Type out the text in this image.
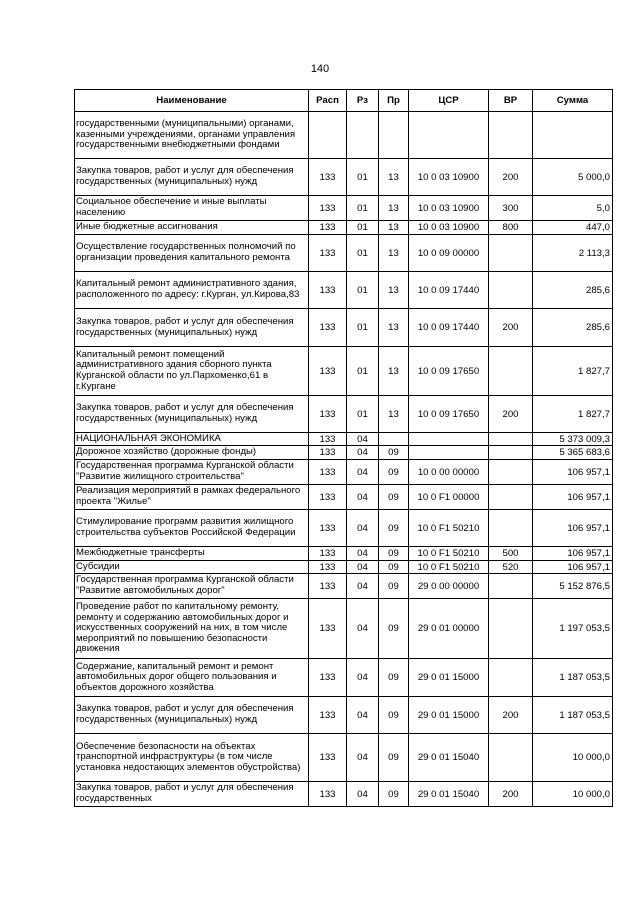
140
Наименование	Расп	Рз	Пр	ЦСР	ВР	Сумма
государственными (муниципальными) органами, казенными учреждениями, органами управления государственными внебюджетными фондами						
Закупка товаров, работ и услуг для обеспечения государственных (муниципальных) нужд	133	01	13	10 0 03 10900	200	5 000,0
Социальное обеспечение и иные выплаты населению	133	01	13	10 0 03 10900	300	5,0
Иные бюджетные ассигнования	133	01	13	10 0 03 10900	800	447,0
Осуществление государственных полномочий по организации проведения капитального ремонта	133	01	13	10 0 09 00000		2 113,3
Капитальный ремонт административного здания, расположенного по адресу: г.Курган, ул.Кирова,83	133	01	13	10 0 09 17440		285,6
Закупка товаров, работ и услуг для обеспечения государственных (муниципальных) нужд	133	01	13	10 0 09 17440	200	285,6
Капитальный ремонт помещений административного здания сборного пункта Курганской области по ул.Пархоменко,61 в г.Кургане	133	01	13	10 0 09 17650		1 827,7
Закупка товаров, работ и услуг для обеспечения государственных (муниципальных) нужд	133	01	13	10 0 09 17650	200	1 827,7
НАЦИОНАЛЬНАЯ ЭКОНОМИКА	133	04				5 373 009,3
Дорожное хозяйство (дорожные фонды)	133	04	09			5 365 683,6
Государственная программа Курганской области "Развитие жилищного строительства"	133	04	09	10 0 00 00000		106 957,1
Реализация мероприятий в рамках федерального проекта "Жилье"	133	04	09	10 0 F1 00000		106 957,1
Стимулирование программ развития жилищного строительства субъектов Российской Федерации	133	04	09	10 0 F1 50210		106 957,1
Межбюджетные трансферты	133	04	09	10 0 F1 50210	500	106 957,1
Субсидии	133	04	09	10 0 F1 50210	520	106 957,1
Государственная программа Курганской области "Развитие автомобильных дорог"	133	04	09	29 0 00 00000		5 152 876,5
Проведение работ по капитальному ремонту, ремонту и содержанию автомобильных дорог и искусственных сооружений на них, в том числе мероприятий по повышению безопасности движения	133	04	09	29 0 01 00000		1 197 053,5
Содержание, капитальный ремонт и ремонт автомобильных дорог общего пользования и объектов дорожного хозяйства	133	04	09	29 0 01 15000		1 187 053,5
Закупка товаров, работ и услуг для обеспечения государственных (муниципальных) нужд	133	04	09	29 0 01 15000	200	1 187 053,5
Обеспечение безопасности на объектах транспортной инфраструктуры (в том числе установка недостающих элементов обустройства)	133	04	09	29 0 01 15040		10 000,0
Закупка товаров, работ и услуг для обеспечения государственных	133	04	09	29 0 01 15040	200	10 000,0
